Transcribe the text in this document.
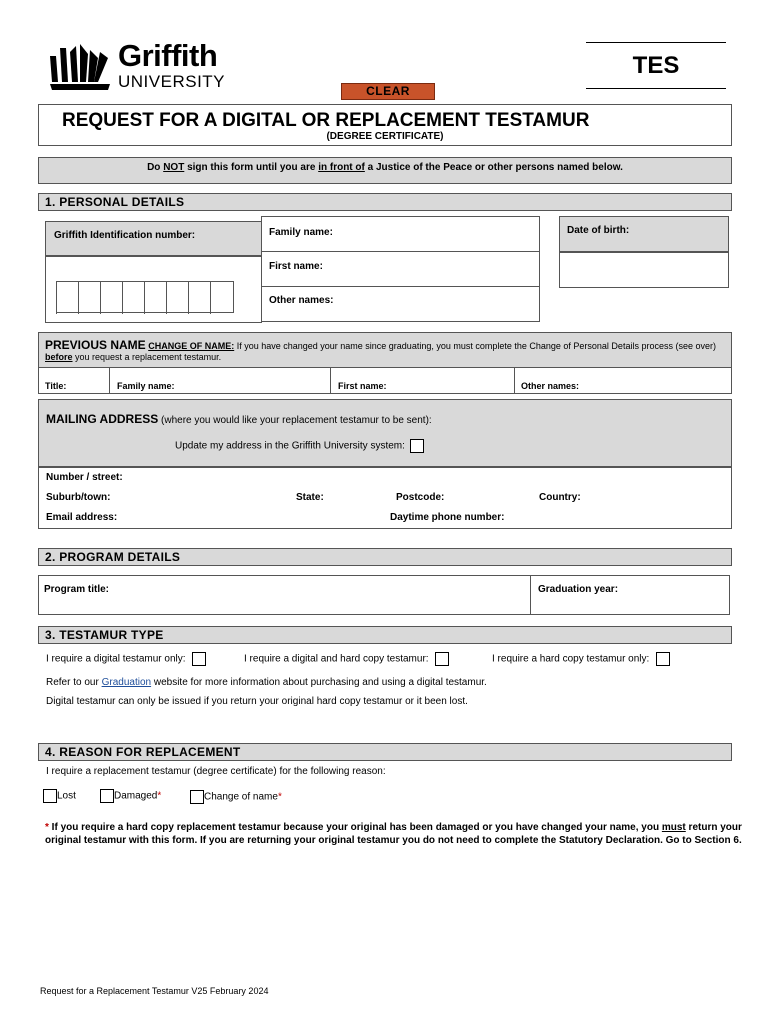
Griffith
UNIVERSITY
TES
CLEAR
REQUEST FOR A DIGITAL OR REPLACEMENT TESTAMUR
(DEGREE CERTIFICATE)
Do NOT sign this form until you are in front of a Justice of the Peace or other persons named below.
1. PERSONAL DETAILS
Griffith Identification number:	Family name:
First name:
Other names:
Date of birth:
PREVIOUS NAME CHANGE OF NAME: If you have changed your name since graduating, you must complete the Change of Personal Details process (see over) before you request a replacement testamur.
Title:	Family name:	First name:	Other names:
MAILING ADDRESS (where you would like your replacement testamur to be sent):
Update my address in the Griffith University system:
Number / street:
Suburb/town:	State:	Postcode:	Country:
Email address:	Daytime phone number:
2. PROGRAM DETAILS
Program title:	Graduation year:
3. TESTAMUR TYPE
I require a digital testamur only:	I require a digital and hard copy testamur:	I require a hard copy testamur only:
Refer to our Graduation website for more information about purchasing and using a digital testamur.
Digital testamur can only be issued if you return your original hard copy testamur or it been lost.
4. REASON FOR REPLACEMENT
I require a replacement testamur (degree certificate) for the following reason:
Lost	Damaged*	Change of name*
* If you require a hard copy replacement testamur because your original has been damaged or you have changed your name, you must return your original testamur with this form. If you are returning your original testamur you do not need to complete the Statutory Declaration. Go to Section 6.
Request for a Replacement Testamur V25 February 2024
